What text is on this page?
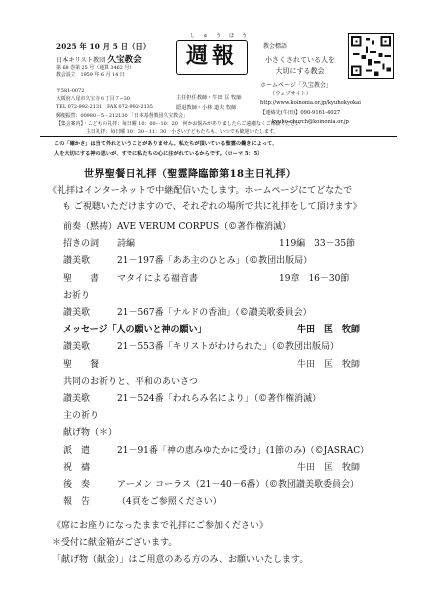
2025 年 10 月 5 日（日）
日本キリスト教団 久宝教会
第 68 巻第 25 号（通算 3462 号）
教会設立　1959 年 6 月 14 日
〒581-0072
大阪府八尾市久宝寺６丁目７−30
TEL 072-992-2131　FAX 072-992-2135
郵便振替：00980－5－212130 「日本基督教団久宝教会」
【集会案内】・こどもの礼拝：毎日曜 10：00－10：20　何かお悩みがありましたらご遠慮なくご相談ください
主日礼拝：毎日曜 10：30－11：30　小さい子どもたちも、いつでも歓迎いたします。
しゅうほう
週報
主任担任教師・牛田 匡 牧師
隠退教師・小林 道夫 牧師
教会標語
小さくされている人を
大切にする教会
ホームページ「久宝教会」
（ウェブサイト）
http://www.koinonia.or.jp/kyuhokyokai
【連絡先(牛田)】090-9161-4027
kyuho-church@koinonia.or.jp
この「確かさ」は当て外れということがありません。私たちが頂いている聖霊の働きによって、
人を大切にする神の思いが、すでに私たちの心に注がれているからです。（ローマ 5：5）
世界聖餐日礼拝（聖霊降臨節第18主日礼拝）
《礼拝はインターネットで中継配信いたします。ホームページにてどなたで
も ご視聴いただけますので、それぞれの場所で共に礼拝をして頂けます》
前奏（黙祷） AVE VERUM CORPUS（©著作権消滅）
招きの詞 詩編	119編　33－35節
讃美歌	21－197番「ああ主のひとみ」（©教団出版局）
聖　　書 マタイによる福音書	19章　16－30節
お祈り
讃美歌	21－567番「ナルドの香油」（©讃美歌委員会）
メッセージ「人の願いと神の願い」	牛田　匡　牧師
讃美歌	21－553番「キリストがわけられた」（©教団出版局）
聖　　餐	牛田　匡　牧師
共同のお祈りと、平和のあいさつ
讃美歌	21－524番「われらみ名により」（©著作権消滅）
主の祈り
献げ物（＊）
派　遣	21－91番「神の恵みゆたかに受け」(1節のみ)（©JASRAC）
祝　禱	牛田　匡　牧師
後　奏	アーメン コーラス（21－40－6番）（©教団讃美歌委員会）
報　告	（4頁をご参照ください）
《席にお座りになったままで礼拝にご参加ください》
＊受付に献金箱がございます。
「献げ物（献金）」はご用意のある方のみ、お願いいたします。
